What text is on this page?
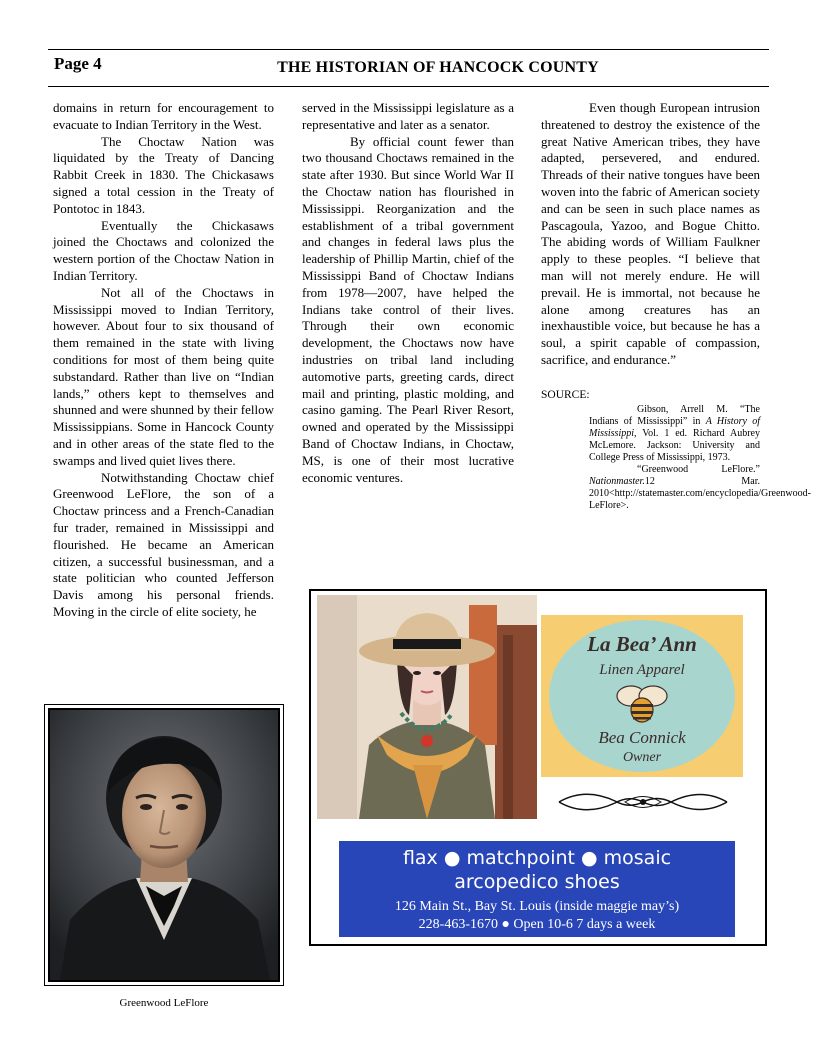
Page 4	THE HISTORIAN OF HANCOCK COUNTY

domains in return for encouragement to evacuate to Indian Territory in the West.

The Choctaw Nation was liquidated by the Treaty of Dancing Rabbit Creek in 1830. The Chickasaws signed a total cession in the Treaty of Pontotoc in 1843.

Eventually the Chickasaws joined the Choctaws and colonized the western portion of the Choctaw Nation in Indian Territory.

Not all of the Choctaws in Mississippi moved to Indian Territory, however. About four to six thousand of them remained in the state with living conditions for most of them being quite substandard. Rather than live on “Indian lands,” others kept to themselves and shunned and were shunned by their fellow Mississippians. Some in Hancock County and in other areas of the state fled to the swamps and lived quiet lives there.

Notwithstanding Choctaw chief Greenwood LeFlore, the son of a Choctaw princess and a French-Canadian fur trader, remained in Mississippi and flourished. He became an American citizen, a successful businessman, and a state politician who counted Jefferson Davis among his personal friends. Moving in the circle of elite society, he

served in the Mississippi legislature as a representative and later as a senator.

By official count fewer than two thousand Choctaws remained in the state after 1930. But since World War II the Choctaw nation has flourished in Mississippi. Reorganization and the establishment of a tribal government and changes in federal laws plus the leadership of Phillip Martin, chief of the Mississippi Band of Choctaw Indians from 1978—2007, have helped the Indians take control of their lives. Through their own economic development, the Choctaws now have industries on tribal land including automotive parts, greeting cards, direct mail and printing, plastic molding, and casino gaming. The Pearl River Resort, owned and operated by the Mississippi Band of Choctaw Indians, in Choctaw, MS, is one of their most lucrative economic ventures.

Even though European intrusion threatened to destroy the existence of the great Native American tribes, they have adapted, persevered, and endured. Threads of their native tongues have been woven into the fabric of American society and can be seen in such place names as Pascagoula, Yazoo, and Bogue Chitto. The abiding words of William Faulkner apply to these peoples. “I believe that man will not merely endure. He will prevail. He is immortal, not because he alone among creatures has an inexhaustible voice, but because he has a soul, a spirit capable of compassion, sacrifice, and endurance.”

SOURCE:

Gibson, Arrell M. “The Indians of Mississippi” in A History of Mississippi, Vol. 1 ed. Richard Aubrey McLemore. Jackson: University and College Press of Mississippi, 1973.

“Greenwood LeFlore.” Nationmaster.12 Mar. 2010<http://statemaster.com/encyclopedia/Greenwood-LeFlore>.

Greenwood LeFlore
La Bea’ Ann
Linen Apparel
Bea Connick
Owner
flax ● matchpoint ● mosaic
arcopedico shoes
126 Main St., Bay St. Louis (inside maggie may’s)
228-463-1670 ● Open 10-6 7 days a week
